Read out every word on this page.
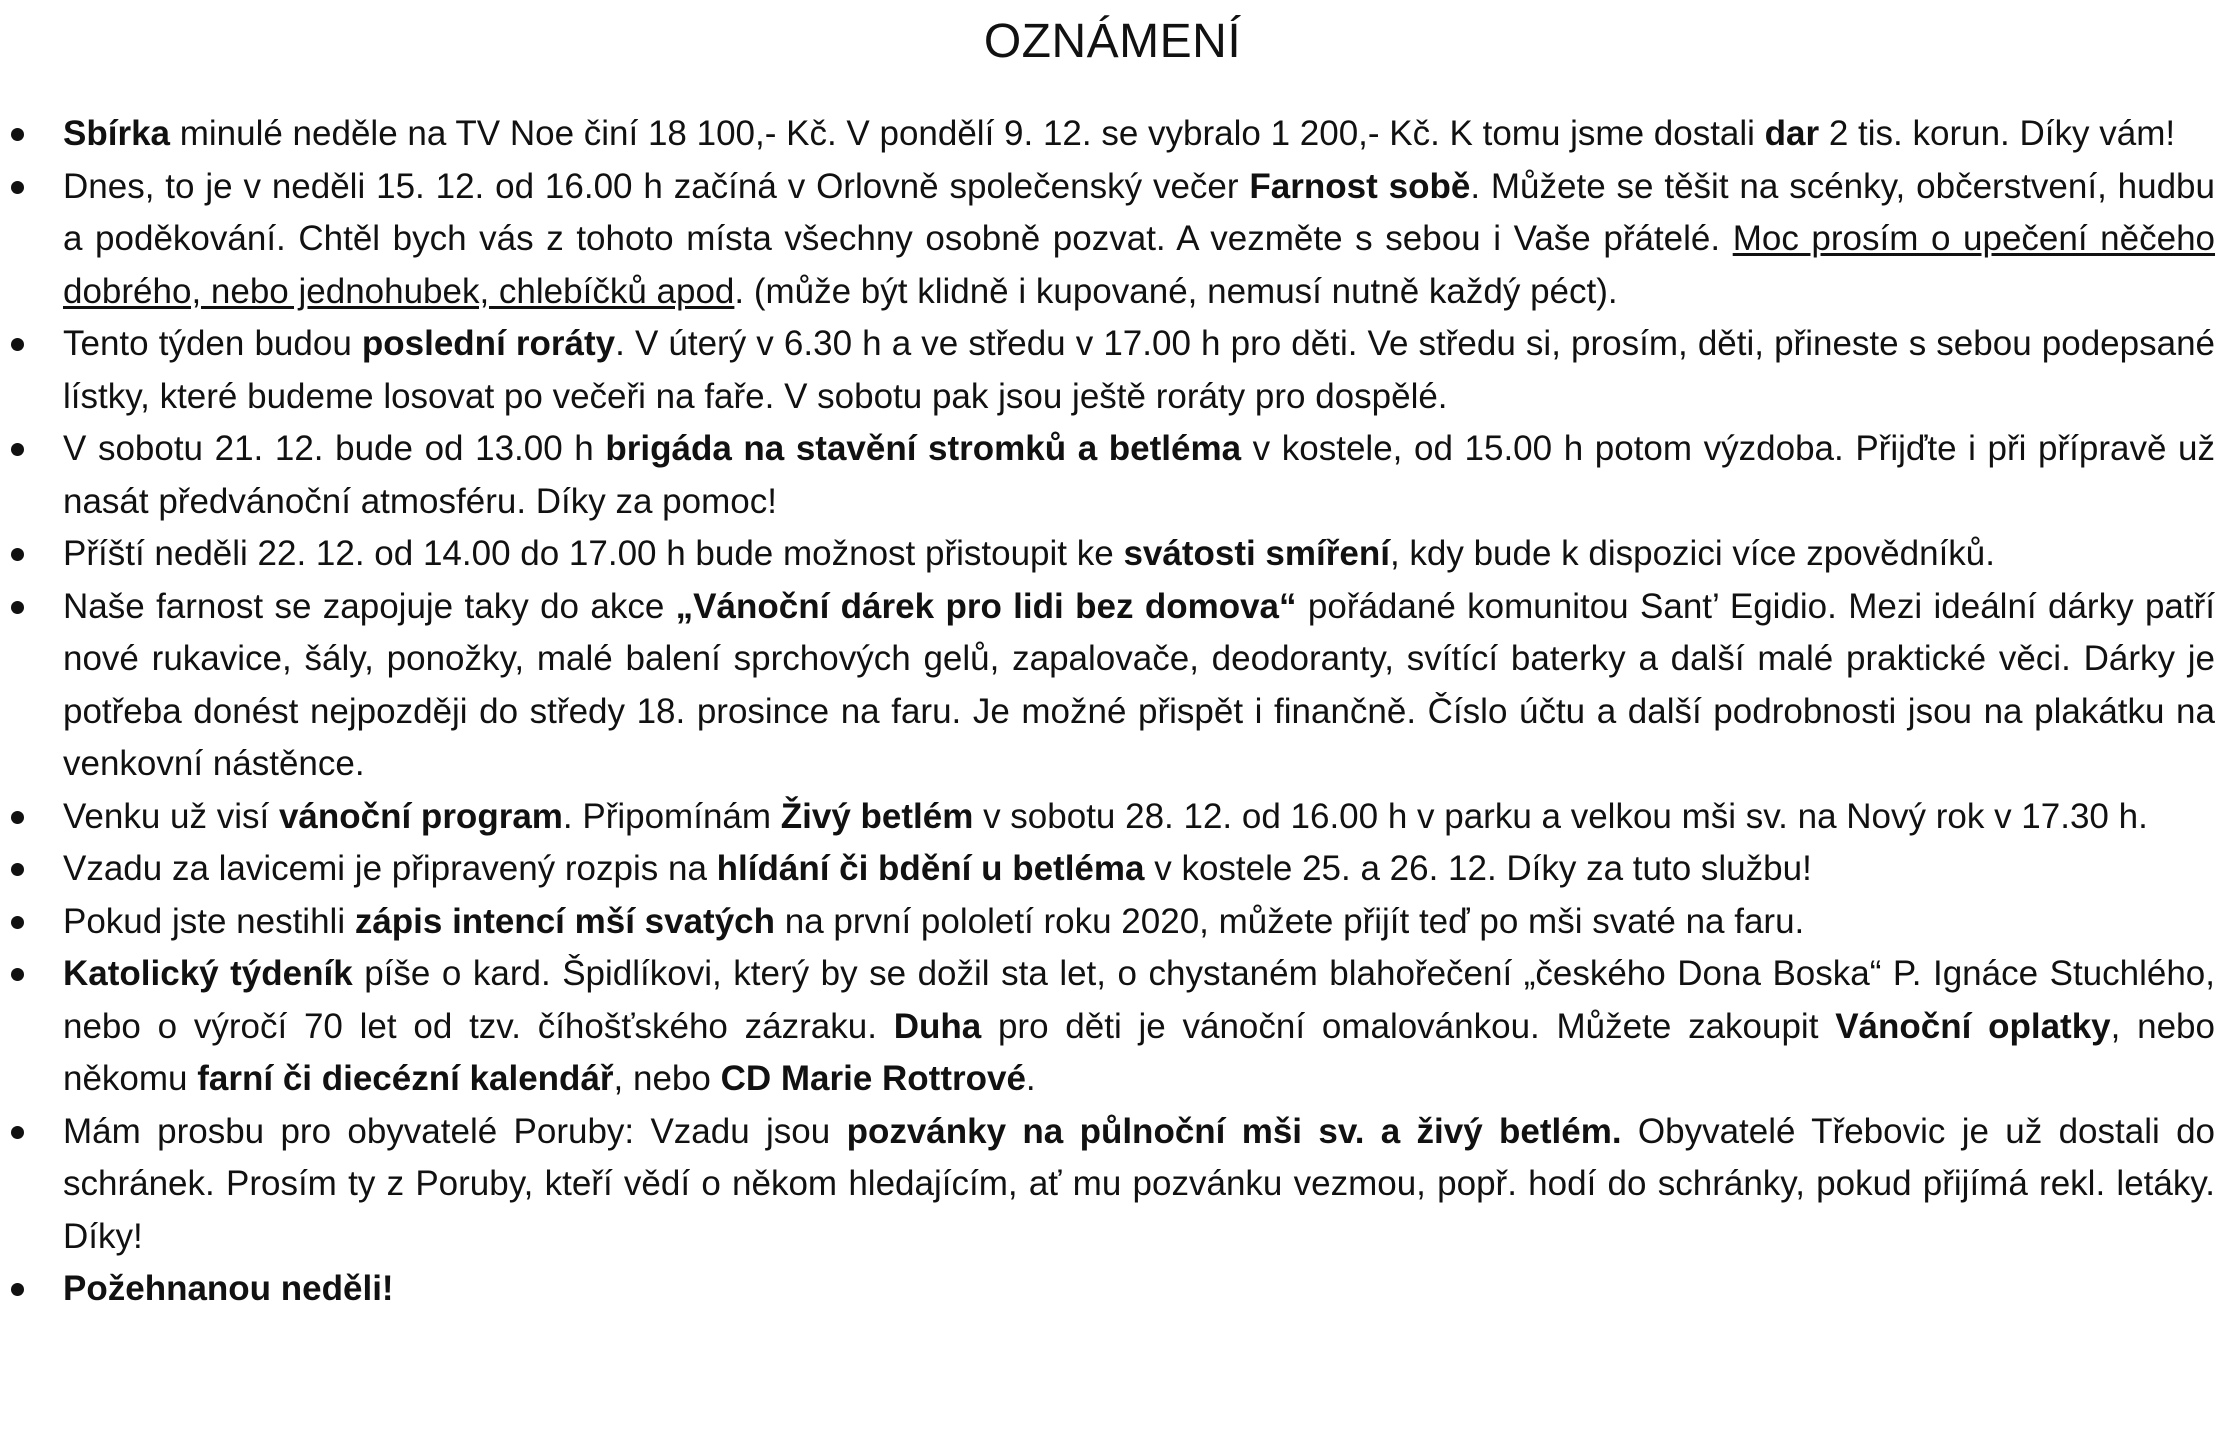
OZNÁMENÍ
Sbírka minulé neděle na TV Noe činí 18 100,- Kč. V pondělí 9. 12. se vybralo 1 200,- Kč. K tomu jsme dostali dar 2 tis. korun. Díky vám!
Dnes, to je v neděli 15. 12. od 16.00 h začíná v Orlovně společenský večer Farnost sobě. Můžete se těšit na scénky, občerstvení, hudbu a poděkování. Chtěl bych vás z tohoto místa všechny osobně pozvat. A vezměte s sebou i Vaše přátelé. Moc prosím o upečení něčeho dobrého, nebo jednohubek, chlebíčků apod. (může být klidně i kupované, nemusí nutně každý péct).
Tento týden budou poslední roráty. V úterý v 6.30 h a ve středu v 17.00 h pro děti. Ve středu si, prosím, děti, přineste s sebou podepsané lístky, které budeme losovat po večeři na faře. V sobotu pak jsou ještě roráty pro dospělé.
V sobotu 21. 12. bude od 13.00 h brigáda na stavění stromků a betléma v kostele, od 15.00 h potom výzdoba. Přijďte i při přípravě už nasát předvánoční atmosféru. Díky za pomoc!
Příští neděli 22. 12. od 14.00 do 17.00 h bude možnost přistoupit ke svátosti smíření, kdy bude k dispozici více zpovědníků.
Naše farnost se zapojuje taky do akce „Vánoční dárek pro lidi bez domova“ pořádané komunitou Sant’ Egidio. Mezi ideální dárky patří nové rukavice, šály, ponožky, malé balení sprchových gelů, zapalovače, deodoranty, svítící baterky a další malé praktické věci. Dárky je potřeba donést nejpozději do středy 18. prosince na faru. Je možné přispět i finančně. Číslo účtu a další podrobnosti jsou na plakátku na venkovní nástěnce.
Venku už visí vánoční program. Připomínám Živý betlém v sobotu 28. 12. od 16.00 h v parku a velkou mši sv. na Nový rok v 17.30 h.
Vzadu za lavicemi je připravený rozpis na hlídání či bdění u betléma v kostele 25. a 26. 12. Díky za tuto službu!
Pokud jste nestihli zápis intencí mší svatých na první pololetí roku 2020, můžete přijít teď po mši svaté na faru.
Katolický týdeník píše o kard. Špidlíkovi, který by se dožil sta let, o chystaném blahořečení „českého Dona Boska“ P. Ignáce Stuchlého, nebo o výročí 70 let od tzv. číhošťského zázraku. Duha pro děti je vánoční omalovánkou. Můžete zakoupit Vánoční oplatky, nebo někomu farní či diecézní kalendář, nebo CD Marie Rottrové.
Mám prosbu pro obyvatelé Poruby: Vzadu jsou pozvánky na půlnoční mši sv. a živý betlém. Obyvatelé Třebovic je už dostali do schránek. Prosím ty z Poruby, kteří vědí o někom hledajícím, ať mu pozvánku vezmou, popř. hodí do schránky, pokud přijímá rekl. letáky. Díky!
Požehnanou neděli!
